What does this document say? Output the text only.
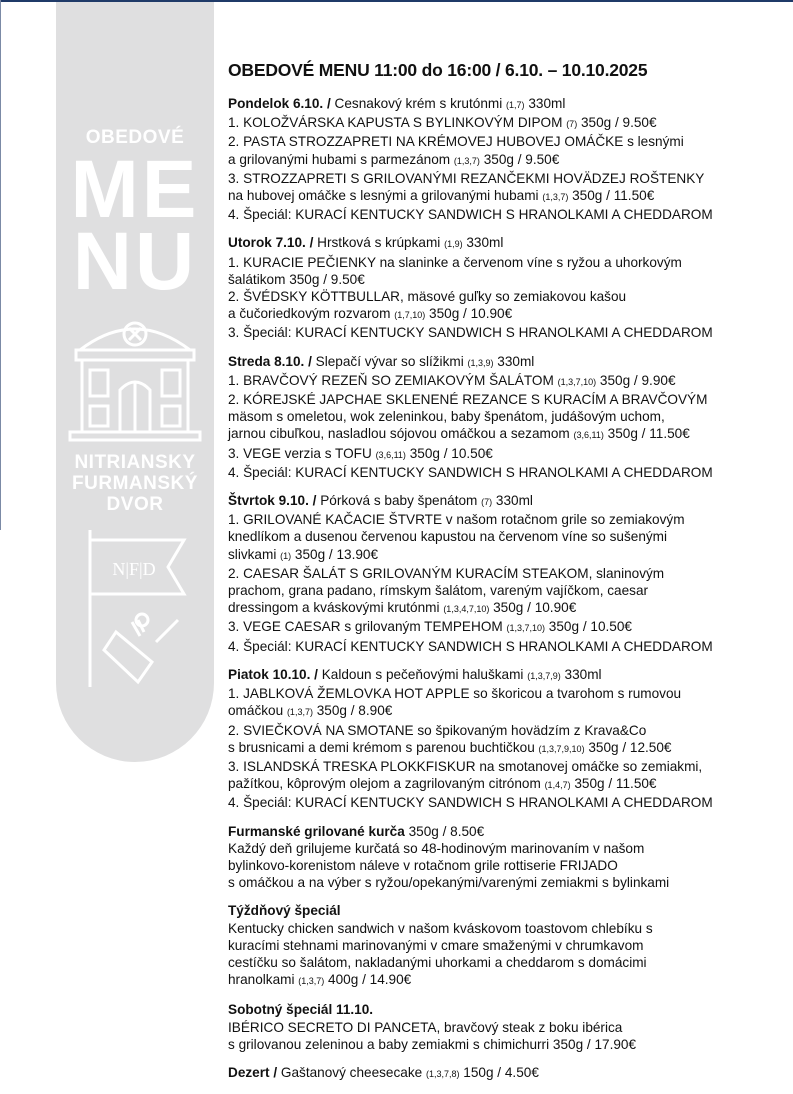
OBEDOVÉ
ME
NU
NITRIANSKY
FURMANSKÝ
DVOR
N|F|D
OBEDOVÉ MENU 11:00 do 16:00 / 6.10. – 10.10.2025
Pondelok 6.10. / Cesnakový krém s krutónmi (1,7) 330ml
1. KOLOŽVÁRSKA KAPUSTA S BYLINKOVÝM DIPOM (7) 350g / 9.50€
2. PASTA STROZZAPRETI NA KRÉMOVEJ HUBOVEJ OMÁČKE s lesnými
a grilovanými hubami s parmezánom (1,3,7) 350g / 9.50€
3. STROZZAPRETI S GRILOVANÝMI REZANČEKMI HOVÄDZEJ ROŠTENKY
na hubovej omáčke s lesnými a grilovanými hubami (1,3,7) 350g / 11.50€
4. Špeciál: KURACÍ KENTUCKY SANDWICH S HRANOLKAMI A CHEDDAROM
Utorok 7.10. / Hrstková s krúpkami (1,9) 330ml
1. KURACIE PEČIENKY na slaninke a červenom víne s ryžou a uhorkovým
šalátikom 350g / 9.50€
2. ŠVÉDSKY KÖTTBULLAR, mäsové guľky so zemiakovou kašou
a čučoriedkovým rozvarom (1,7,10) 350g / 10.90€
3. Špeciál: KURACÍ KENTUCKY SANDWICH S HRANOLKAMI A CHEDDAROM
Streda 8.10. / Slepačí vývar so slížikmi (1,3,9) 330ml
1. BRAVČOVÝ REZEŇ SO ZEMIAKOVÝM ŠALÁTOM (1,3,7,10) 350g / 9.90€
2. KÓREJSKÉ JAPCHAE SKLENENÉ REZANCE S KURACÍM A BRAVČOVÝM
mäsom s omeletou, wok zeleninkou, baby špenátom, judášovým uchom,
jarnou cibuľkou, nasladlou sójovou omáčkou a sezamom (3,6,11) 350g / 11.50€
3. VEGE verzia s TOFU (3,6,11) 350g / 10.50€
4. Špeciál: KURACÍ KENTUCKY SANDWICH S HRANOLKAMI A CHEDDAROM
Štvrtok 9.10. / Pórková s baby špenátom (7) 330ml
1. GRILOVANÉ KAČACIE ŠTVRTE v našom rotačnom grile so zemiakovým
knedlíkom a dusenou červenou kapustou na červenom víne so sušenými
slivkami (1) 350g / 13.90€
2. CAESAR ŠALÁT S GRILOVANÝM KURACÍM STEAKOM, slaninovým
prachom, grana padano, rímskym šalátom, vareným vajíčkom, caesar
dressingom a kváskovými krutónmi (1,3,4,7,10) 350g / 10.90€
3. VEGE CAESAR s grilovaným TEMPEHOM (1,3,7,10) 350g / 10.50€
4. Špeciál: KURACÍ KENTUCKY SANDWICH S HRANOLKAMI A CHEDDAROM
Piatok 10.10. / Kaldoun s pečeňovými haluškami (1,3,7,9) 330ml
1. JABLKOVÁ ŽEMLOVKA HOT APPLE so škoricou a tvarohom s rumovou
omáčkou (1,3,7) 350g / 8.90€
2. SVIEČKOVÁ NA SMOTANE so špikovaným hovädzím z Krava&Co
s brusnicami a demi krémom s parenou buchtičkou (1,3,7,9,10) 350g / 12.50€
3. ISLANDSKÁ TRESKA PLOKKFISKUR na smotanovej omáčke so zemiakmi,
pažítkou, kôprovým olejom a zagrilovaným citrónom (1,4,7) 350g / 11.50€
4. Špeciál: KURACÍ KENTUCKY SANDWICH S HRANOLKAMI A CHEDDAROM
Furmanské grilované kurča 350g / 8.50€
Každý deň grilujeme kurčatá so 48-hodinovým marinovaním v našom
bylinkovo-korenistom náleve v rotačnom grile rottiserie FRIJADO
s omáčkou a na výber s ryžou/opekanými/varenými zemiakmi s bylinkami
Týždňový špeciál
Kentucky chicken sandwich v našom kváskovom toastovom chlebíku s
kuracími stehnami marinovanými v cmare smaženými v chrumkavom
cestíčku so šalátom, nakladanými uhorkami a cheddarom s domácimi
hranolkami (1,3,7) 400g / 14.90€
Sobotný špeciál 11.10.
IBÉRICO SECRETO DI PANCETA, bravčový steak z boku ibérica
s grilovanou zeleninou a baby zemiakmi s chimichurri 350g / 17.90€
Dezert / Gaštanový cheesecake (1,3,7,8) 150g / 4.50€
